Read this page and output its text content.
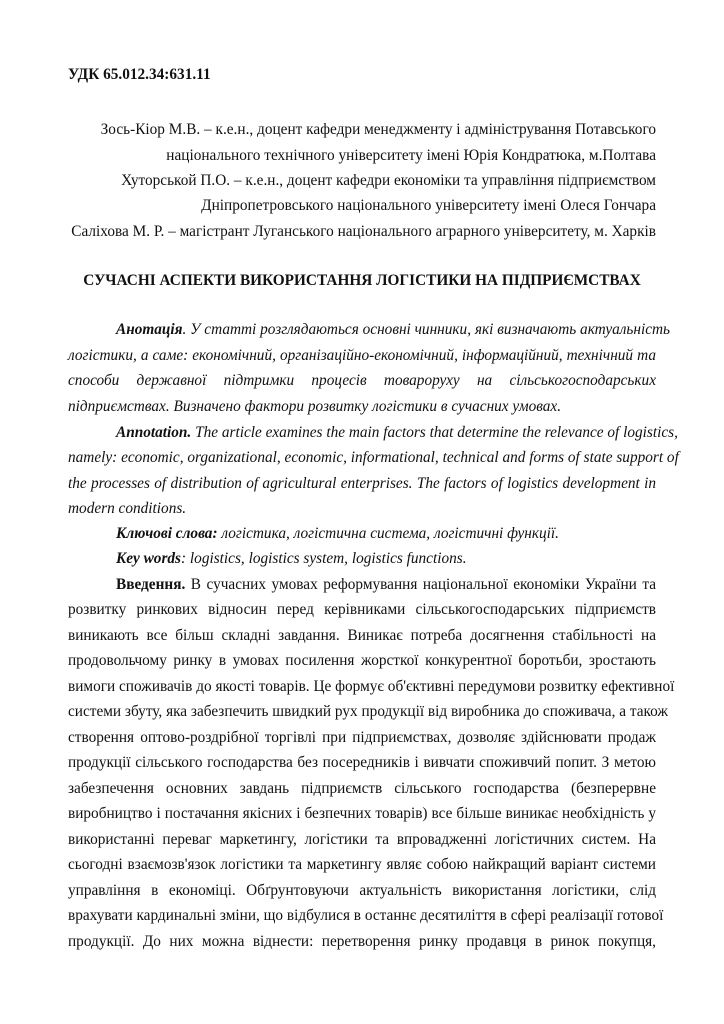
УДК 65.012.34:631.11
Зось-Кіор М.В. – к.е.н., доцент кафедри менеджменту і адміністрування Потавського
національного технічного університету імені Юрія Кондратюка, м.Полтава
Хуторськой П.О. – к.е.н., доцент кафедри економіки та управління підприємством
Дніпропетровського національного університету імені Олеся Гончара
Саліхова М. Р. – магістрант Луганського національного аграрного університету, м. Харків
СУЧАСНІ АСПЕКТИ ВИКОРИСТАННЯ ЛОГІСТИКИ НА ПІДПРИЄМСТВАХ
Анотація. У статті розглядаються основні чинники, які визначають актуальність
логістики, а саме: економічний, організаційно-економічний, інформаційний, технічний та
способи державної підтримки процесів товароруху на сільськогосподарських
підприємствах. Визначено фактори розвитку логістики в сучасних умовах.
Annotation. The article examines the main factors that determine the relevance of logistics,
namely: economic, organizational, economic, informational, technical and forms of state support of
the processes of distribution of agricultural enterprises. The factors of logistics development in
modern conditions.
Ключові слова: логістика, логістична система, логістичні функції.
Key words: logistics, logistics system, logistics functions.
Введення. В сучасних умовах реформування національної економіки України та
розвитку ринкових відносин перед керівниками сільськогосподарських підприємств
виникають все більш складні завдання. Виникає потреба досягнення стабільності на
продовольчому ринку в умовах посилення жорсткої конкурентної боротьби, зростають
вимоги споживачів до якості товарів. Це формує об'єктивні передумови розвитку ефективної
системи збуту, яка забезпечить швидкий рух продукції від виробника до споживача, а також
створення оптово-роздрібної торгівлі при підприємствах, дозволяє здійснювати продаж
продукції сільського господарства без посередників і вивчати споживчий попит. З метою
забезпечення основних завдань підприємств сільського господарства (безперервне
виробництво і постачання якісних і безпечних товарів) все більше виникає необхідність у
використанні переваг маркетингу, логістики та впровадженні логістичних систем. На
сьогодні взаємозв'язок логістики та маркетингу являє собою найкращий варіант системи
управління в економіці. Обґрунтовуючи актуальність використання логістики, слід
врахувати кардинальні зміни, що відбулися в останнє десятиліття в сфері реалізації готової
продукції. До них можна віднести: перетворення ринку продавця в ринок покупця,
